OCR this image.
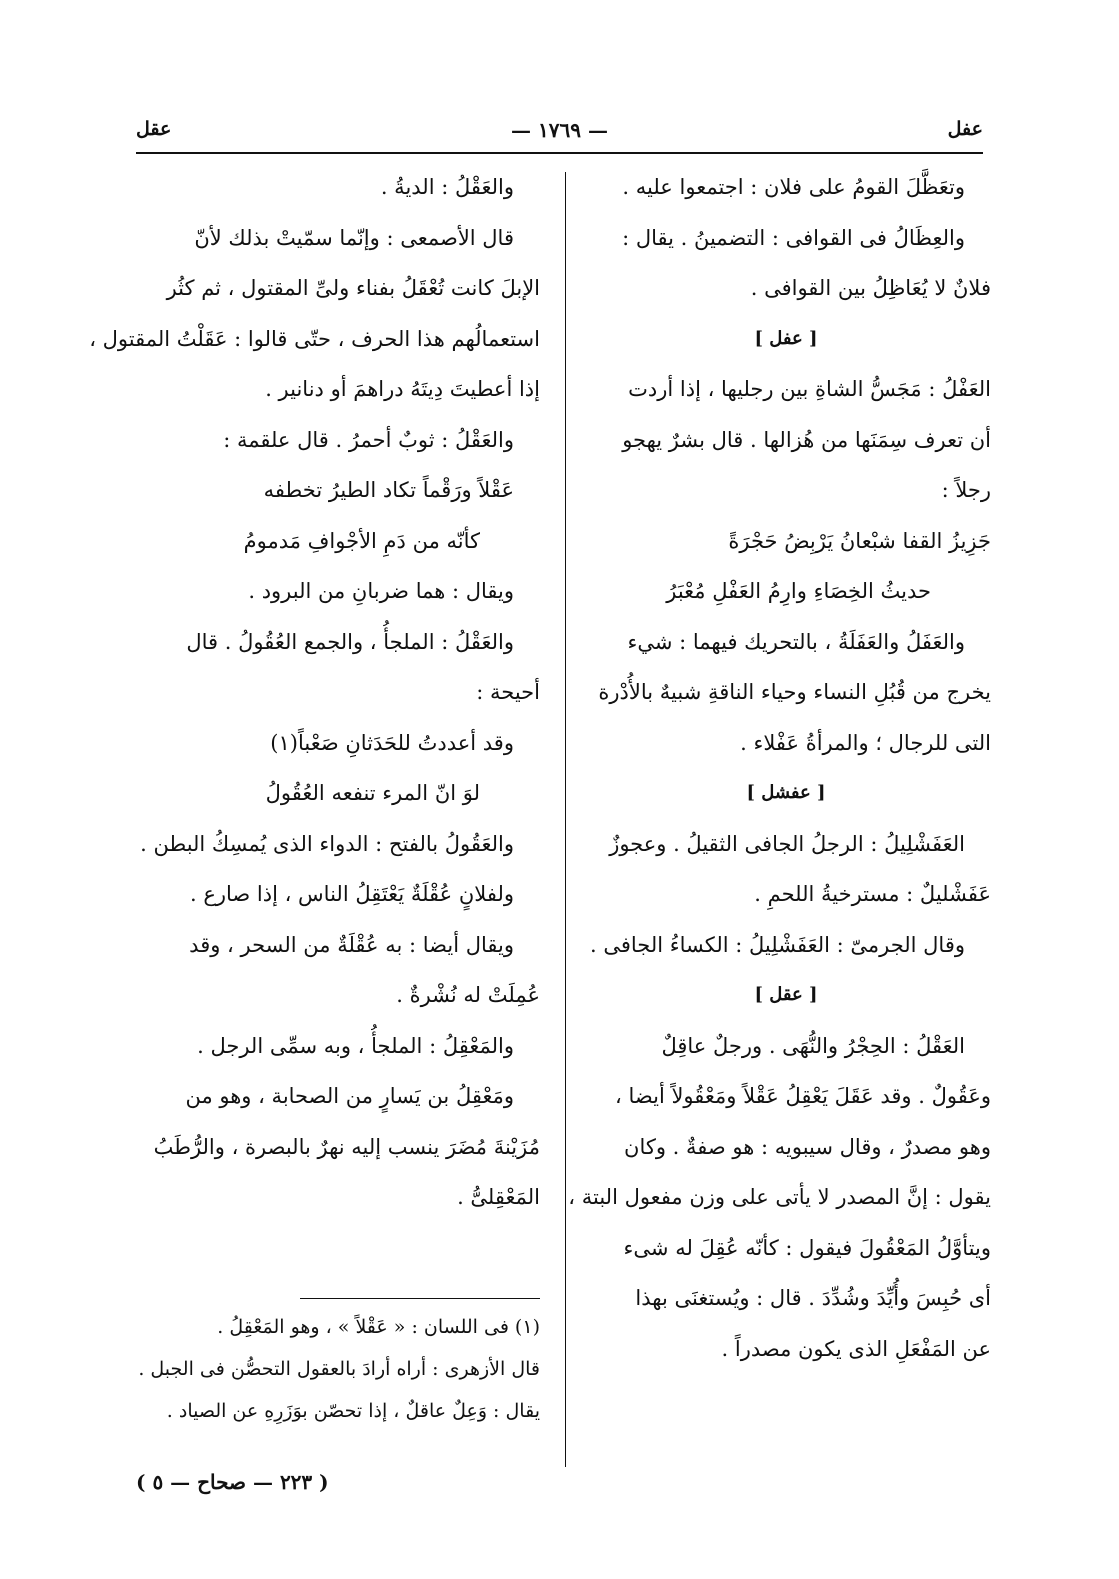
عفل
— ١٧٦٩ —
عقل
وتعَظَّلَ القومُ على فلان : اجتمعوا عليه .
والعِظَالُ فى القوافى : التضمينُ . يقال :
فلانٌ لا يُعَاظِلُ بين القوافى .
[ عفل ]
العَفْلُ : مَجَسُّ الشاةِ بين رجليها ، إذا أردت
أن تعرف سِمَنَها من هُزالها . قال بشرٌ يهجو
رجلاً :
جَزِيزُ القفا شبْعانُ يَرْبِضُ حَجْرَةً
حديثُ الخِصَاءِ وارِمُ العَفْلِ مُعْبَرُ
والعَفَلُ والعَفَلَةُ ، بالتحريك فيهما : شيء
يخرج من قُبُلِ النساء وحياء الناقةِ شبيهٌ بالأُدْرة
التى للرجال ؛ والمرأةُ عَفْلاء .
[ عفشل ]
العَفَشْلِيلُ : الرجلُ الجافى الثقيلُ . وعجوزٌ
عَفَشْليلٌ : مسترخيةُ اللحمِ .
وقال الجرمىّ : العَفَشْلِيلُ : الكساءُ الجافى .
[ عقل ]
العَقْلُ : الحِجْرُ والنُّهَى . ورجلٌ عاقِلٌ
وعَقُولٌ . وقد عَقَلَ يَعْقِلُ عَقْلاً ومَعْقُولاً أيضا ،
وهو مصدرٌ ، وقال سيبويه : هو صفةٌ . وكان
يقول : إنَّ المصدر لا يأتى على وزن مفعول البتة ،
ويتأوَّلُ المَعْقُولَ فيقول : كأنّه عُقِلَ له شىء
أى حُبِسَ وأُيِّدَ وشُدِّدَ . قال : ويُستغنَى بهذا
عن المَفْعَلِ الذى يكون مصدراً .
والعَقْلُ : الديةُ .
قال الأصمعى : وإنّما سمّيتْ بذلك لأنّ
الإبلَ كانت تُعْقَلُ بفناء ولىِّ المقتول ، ثم كثُر
استعمالُهم هذا الحرف ، حتّى قالوا : عَقَلْتُ المقتول ،
إذا أعطيتَ دِيتَهُ دراهمَ أو دنانير .
والعَقْلُ : ثوبٌ أحمرُ . قال علقمة :
عَقْلاً ورَقْماً تكاد الطيرُ تخطفه
كأنّه من دَمِ الأجْوافِ مَدمومُ
ويقال : هما ضربانِ من البرود .
والعَقْلُ : الملجأُ ، والجمع العُقُولُ . قال
أحيحة :
وقد أعددتُ للحَدَثانِ صَعْباً(١)
لوَ انّ المرء تنفعه العُقُولُ
والعَقُولُ بالفتح : الدواء الذى يُمسِكُ البطن .
ولفلانٍ عُقْلَةٌ يَعْتَقِلُ الناس ، إذا صارع .
ويقال أيضا : به عُقْلَةٌ من السحر ، وقد
عُمِلَتْ له نُشْرةٌ .
والمَعْقِلُ : الملجأُ ، وبه سمِّى الرجل .
ومَعْقِلُ بن يَسارٍ من الصحابة ، وهو من
مُزَيْنةَ مُضَرَ ينسب إليه نهرٌ بالبصرة ، والرُّطَبُ
المَعْقِلىُّ .
(١) فى اللسان : « عَقْلاً » ، وهو المَعْقِلُ .
قال الأزهرى : أراه أرادَ بالعقول التحصُّن فى الجبل .
يقال : وَعِلٌ عاقلٌ ، إذا تحصّن بوَزَرِهِ عن الصياد .
( ٢٢٣ — صحاح — ٥ )
